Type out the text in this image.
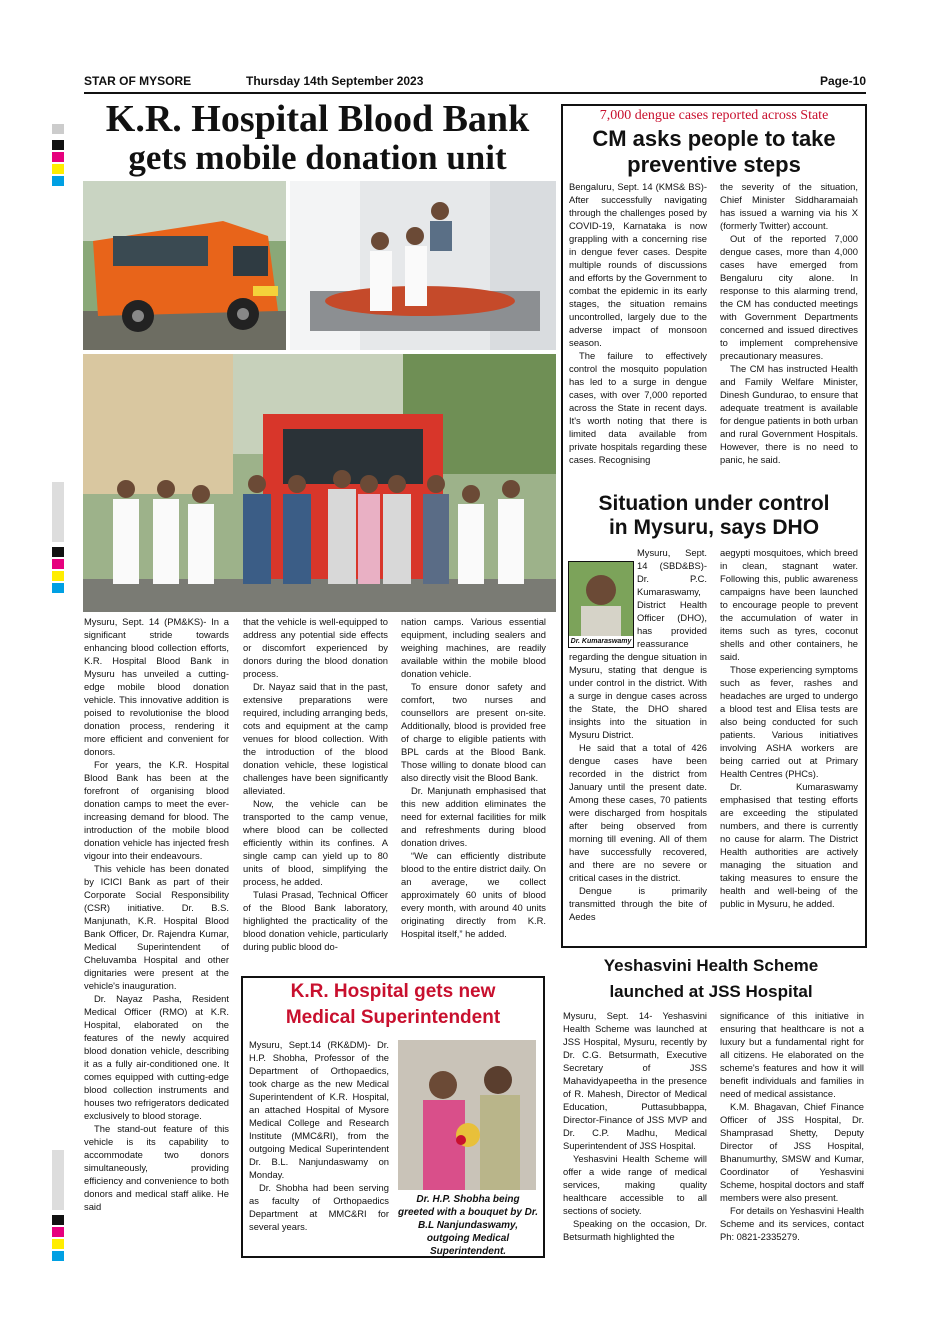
STAR OF MYSORE	Thursday 14th September 2023	Page-10
K.R. Hospital Blood Bank
gets mobile donation unit

Mysuru, Sept. 14 (PM&KS)- In a significant stride towards enhancing blood collection efforts, K.R. Hospital Blood Bank in Mysuru has unveiled a cutting-edge mobile blood donation vehicle. This innovative addition is poised to revolutionise the blood donation process, rendering it more efficient and convenient for donors.

For years, the K.R. Hospital Blood Bank has been at the forefront of organising blood donation camps to meet the ever-increasing demand for blood. The introduction of the mobile blood donation vehicle has injected fresh vigour into their endeavours.

This vehicle has been donated by ICICI Bank as part of their Corporate Social Responsibility (CSR) initiative. Dr. B.S. Manjunath, K.R. Hospital Blood Bank Officer, Dr. Rajendra Kumar, Medical Superintendent of Cheluvamba Hospital and other dignitaries were present at the vehicle's inauguration.

Dr. Nayaz Pasha, Resident Medical Officer (RMO) at K.R. Hospital, elaborated on the features of the newly acquired blood donation vehicle, describing it as a fully air-conditioned one. It comes equipped with cutting-edge blood collection instruments and houses two refrigerators dedicated exclusively to blood storage.

The stand-out feature of this vehicle is its capability to accommodate two donors simultaneously, providing efficiency and convenience to both donors and medical staff alike. He said

that the vehicle is well-equipped to address any potential side effects or discomfort experienced by donors during the blood donation process.

Dr. Nayaz said that in the past, extensive preparations were required, including arranging beds, cots and equipment at the camp venues for blood collection. With the introduction of the blood donation vehicle, these logistical challenges have been significantly alleviated.

Now, the vehicle can be transported to the camp venue, where blood can be collected efficiently within its confines. A single camp can yield up to 80 units of blood, simplifying the process, he added.

Tulasi Prasad, Technical Officer of the Blood Bank laboratory, highlighted the practicality of the blood donation vehicle, particularly during public blood do-

nation camps. Various essential equipment, including sealers and weighing machines, are readily available within the mobile blood donation vehicle.

To ensure donor safety and comfort, two nurses and counsellors are present on-site. Additionally, blood is provided free of charge to eligible patients with BPL cards at the Blood Bank. Those willing to donate blood can also directly visit the Blood Bank.

Dr. Manjunath emphasised that this new addition eliminates the need for external facilities for milk and refreshments during blood donation drives.

“We can efficiently distribute blood to the entire district daily. On an average, we collect approximately 60 units of blood every month, with around 40 units originating directly from K.R. Hospital itself,” he added.

7,000 dengue cases reported across State
CM asks people to take
preventive steps

Bengaluru, Sept. 14 (KMS& BS)- After successfully navigating through the challenges posed by COVID-19, Karnataka is now grappling with a concerning rise in dengue fever cases. Despite multiple rounds of discussions and efforts by the Government to combat the epidemic in its early stages, the situation remains uncontrolled, largely due to the adverse impact of monsoon season.

The failure to effectively control the mosquito population has led to a surge in dengue cases, with over 7,000 reported across the State in recent days. It's worth noting that there is limited data available from private hospitals regarding these cases. Recognising

the severity of the situation, Chief Minister Siddharamaiah has issued a warning via his X (formerly Twitter) account.

Out of the reported 7,000 dengue cases, more than 4,000 cases have emerged from Bengaluru city alone. In response to this alarming trend, the CM has conducted meetings with Government Departments concerned and issued directives to implement comprehensive precautionary measures.

The CM has instructed Health and Family Welfare Minister, Dinesh Gundurao, to ensure that adequate treatment is available for dengue patients in both urban and rural Government Hospitals. However, there is no need to panic, he said.

Situation under control
in Mysuru, says DHO
Dr. Kumaraswamy

Mysuru, Sept. 14 (SBD&BS)- Dr. P.C. Kumaraswamy, District Health Officer (DHO), has provided reassurance regarding the dengue situation in Mysuru, stating that dengue is under control in the district. With a surge in dengue cases across the State, the DHO shared insights into the situation in Mysuru District.

He said that a total of 426 dengue cases have been recorded in the district from January until the present date. Among these cases, 70 patients were discharged from hospitals after being observed from morning till evening. All of them have successfully recovered, and there are no severe or critical cases in the district.

Dengue is primarily transmitted through the bite of Aedes

aegypti mosquitoes, which breed in clean, stagnant water. Following this, public awareness campaigns have been launched to encourage people to prevent the accumulation of water in items such as tyres, coconut shells and other containers, he said.

Those experiencing symptoms such as fever, rashes and headaches are urged to undergo a blood test and Elisa tests are also being conducted for such patients. Various initiatives involving ASHA workers are being carried out at Primary Health Centres (PHCs).

Dr. Kumaraswamy emphasised that testing efforts are exceeding the stipulated numbers, and there is currently no cause for alarm. The District Health authorities are actively managing the situation and taking measures to ensure the health and well-being of the public in Mysuru, he added.

K.R. Hospital gets new
Medical Superintendent

Mysuru, Sept.14 (RK&DM)- Dr. H.P. Shobha, Professor of the Department of Orthopaedics, took charge as the new Medical Superintendent of K.R. Hospital, an attached Hospital of Mysore Medical College and Research Institute (MMC&RI), from the outgoing Medical Superintendent Dr. B.L. Nanjundaswamy on Monday.

Dr. Shobha had been serving as faculty of Orthopaedics Department at MMC&RI for several years.

Dr. H.P. Shobha being greeted with a bouquet by Dr. B.L Nanjundaswamy, outgoing Medical Superintendent.
Yeshasvini Health Scheme
launched at JSS Hospital

Mysuru, Sept. 14- Yeshasvini Health Scheme was launched at JSS Hospital, Mysuru, recently by Dr. C.G. Betsurmath, Executive Secretary of JSS Mahavidyapeetha in the presence of R. Mahesh, Director of Medical Education, Puttasubbappa, Director-Finance of JSS MVP and Dr. C.P. Madhu, Medical Superintendent of JSS Hospital.

Yeshasvini Health Scheme will offer a wide range of medical services, making quality healthcare accessible to all sections of society.

Speaking on the occasion, Dr. Betsurmath highlighted the

significance of this initiative in ensuring that healthcare is not a luxury but a fundamental right for all citizens. He elaborated on the scheme's features and how it will benefit individuals and families in need of medical assistance.

K.M. Bhagavan, Chief Finance Officer of JSS Hospital, Dr. Shamprasad Shetty, Deputy Director of JSS Hospital, Bhanumurthy, SMSW and Kumar, Coordinator of Yeshasvini Scheme, hospital doctors and staff members were also present.

For details on Yeshasvini Health Scheme and its services, contact Ph: 0821-2335279.
